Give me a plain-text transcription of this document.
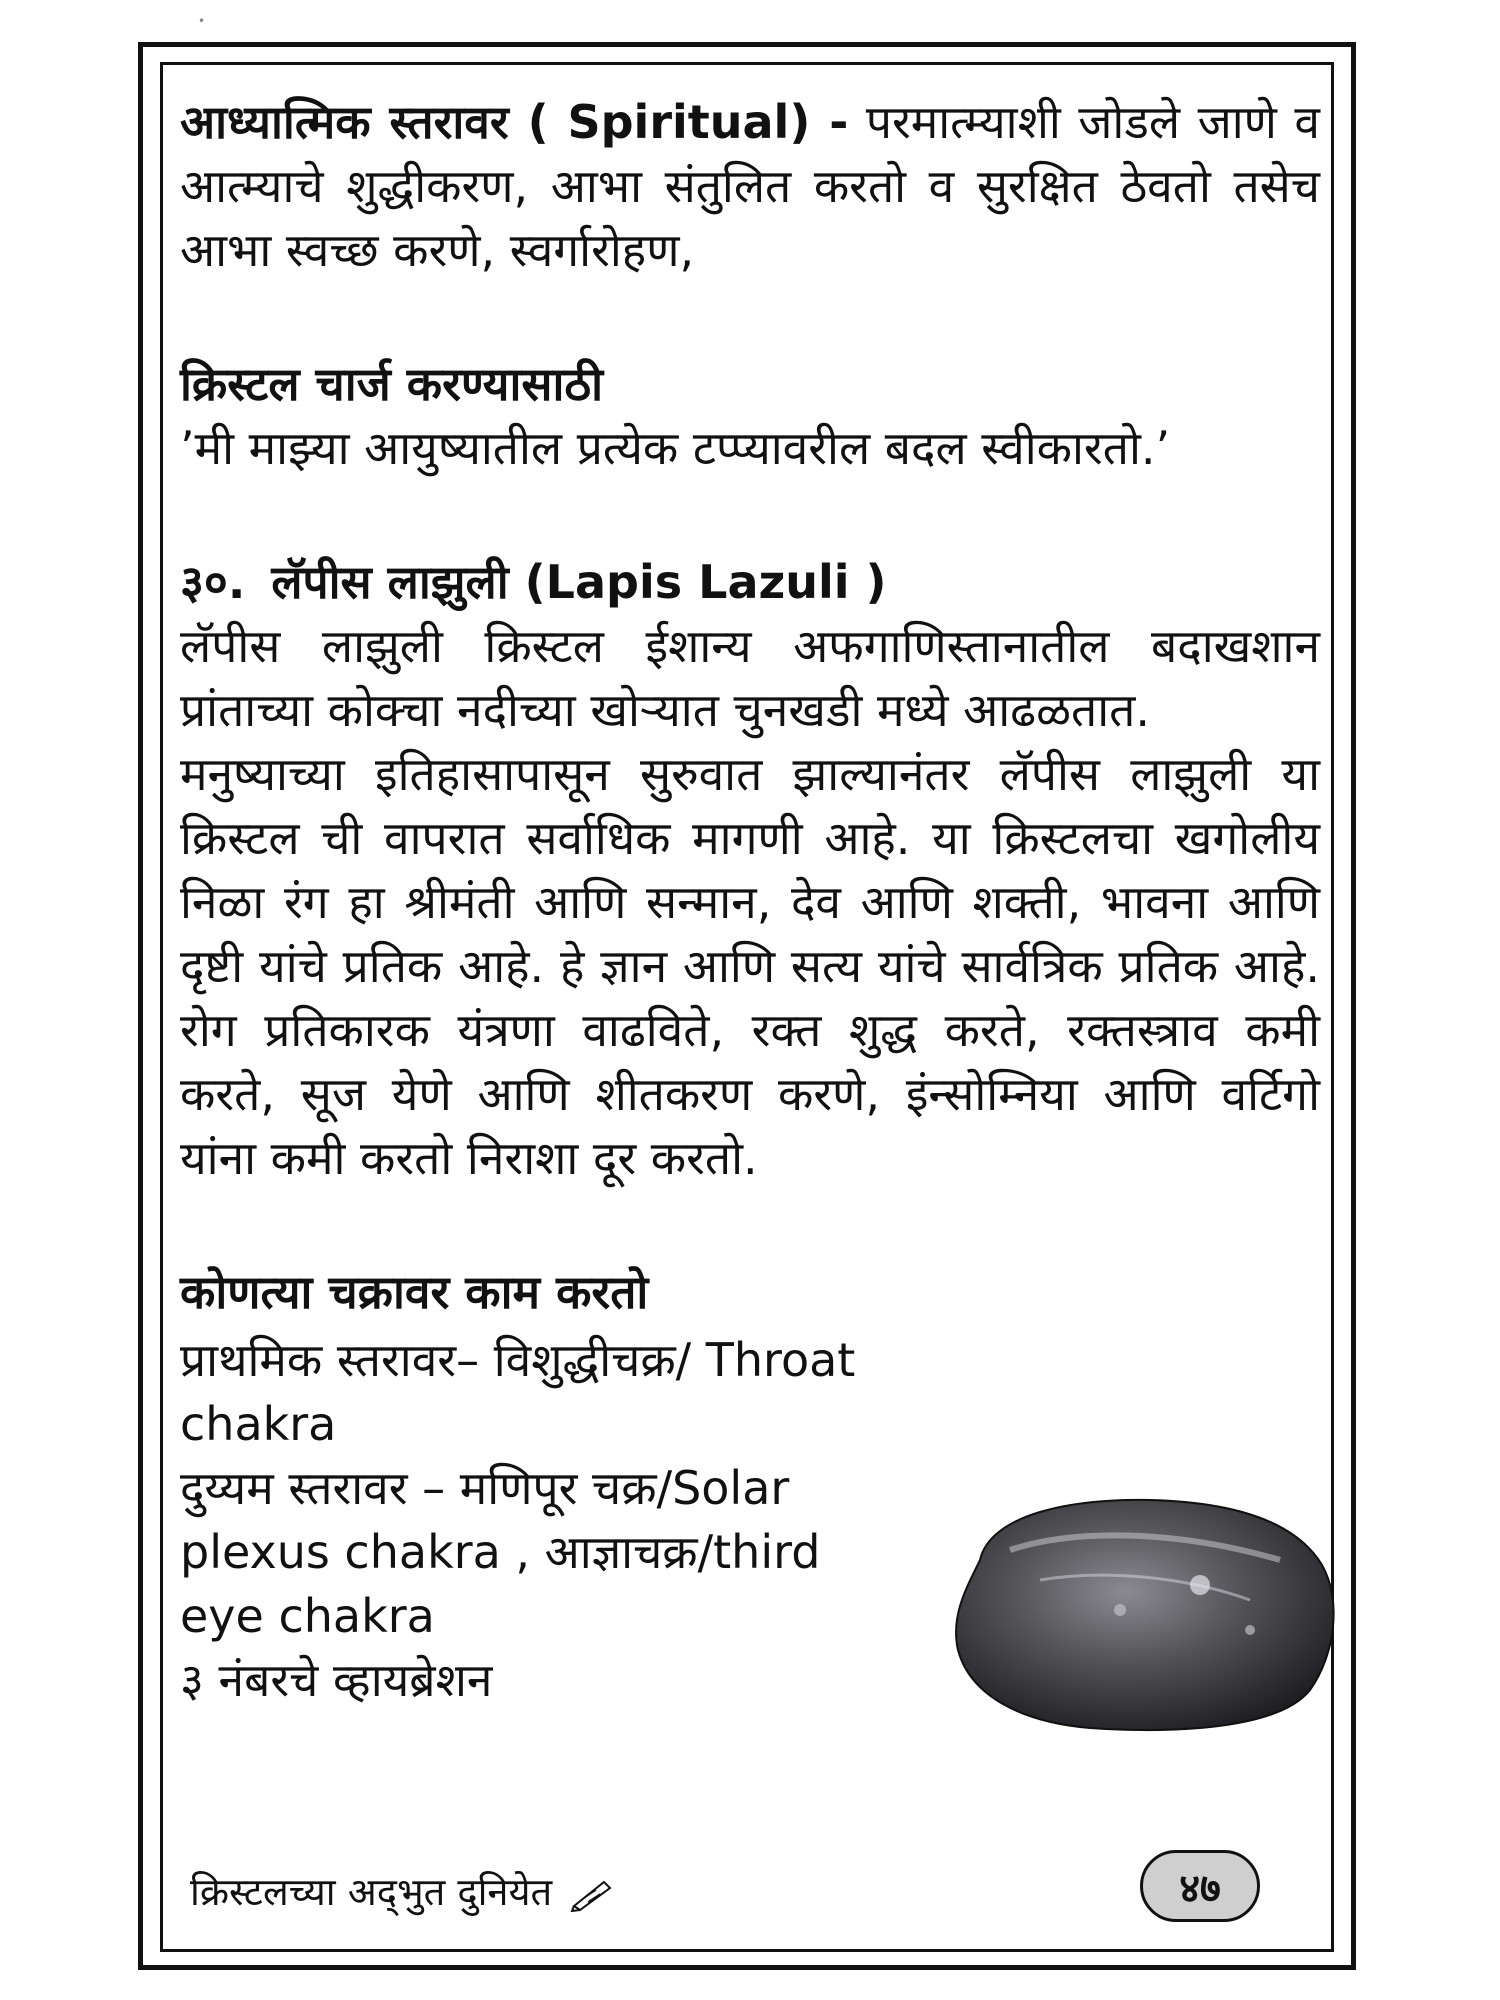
•

आध्यात्मिक स्तरावर ( Spiritual) - परमात्म्याशी जोडले जाणे व आत्म्याचे शुद्धीकरण, आभा संतुलित करतो व सुरक्षित ठेवतो तसेच आभा स्वच्छ करणे, स्वर्गारोहण,

क्रिस्टल चार्ज करण्यासाठी

’मी माझ्या आयुष्यातील प्रत्येक टप्प्यावरील बदल स्वीकारतो.’

३०. लॅपीस लाझुली (Lapis Lazuli )

लॅपीस लाझुली क्रिस्टल ईशान्य अफगाणिस्तानातील बदाखशान प्रांताच्या कोक्चा नदीच्या खोऱ्यात चुनखडी मध्ये आढळतात.

मनुष्याच्या इतिहासापासून सुरुवात झाल्यानंतर लॅपीस लाझुली या क्रिस्टल ची वापरात सर्वाधिक मागणी आहे. या क्रिस्टलचा खगोलीय निळा रंग हा श्रीमंती आणि सन्मान, देव आणि शक्ती, भावना आणि दृष्टी यांचे प्रतिक आहे. हे ज्ञान आणि सत्य यांचे सार्वत्रिक प्रतिक आहे. रोग प्रतिकारक यंत्रणा वाढविते, रक्त शुद्ध करते, रक्तस्त्राव कमी करते, सूज येणे आणि शीतकरण करणे, इंन्सोम्निया आणि वर्टिगो यांना कमी करतो निराशा दूर करतो.

कोणत्या चक्रावर काम करतो

प्राथमिक स्तरावर– विशुद्धीचक्र/ Throat chakra

दुय्यम स्तरावर – मणिपूर चक्र/Solar plexus chakra , आज्ञाचक्र/third eye chakra

३ नंबरचे व्हायब्रेशन

क्रिस्टलच्या अद्‌भुत दुनियेत	४७
